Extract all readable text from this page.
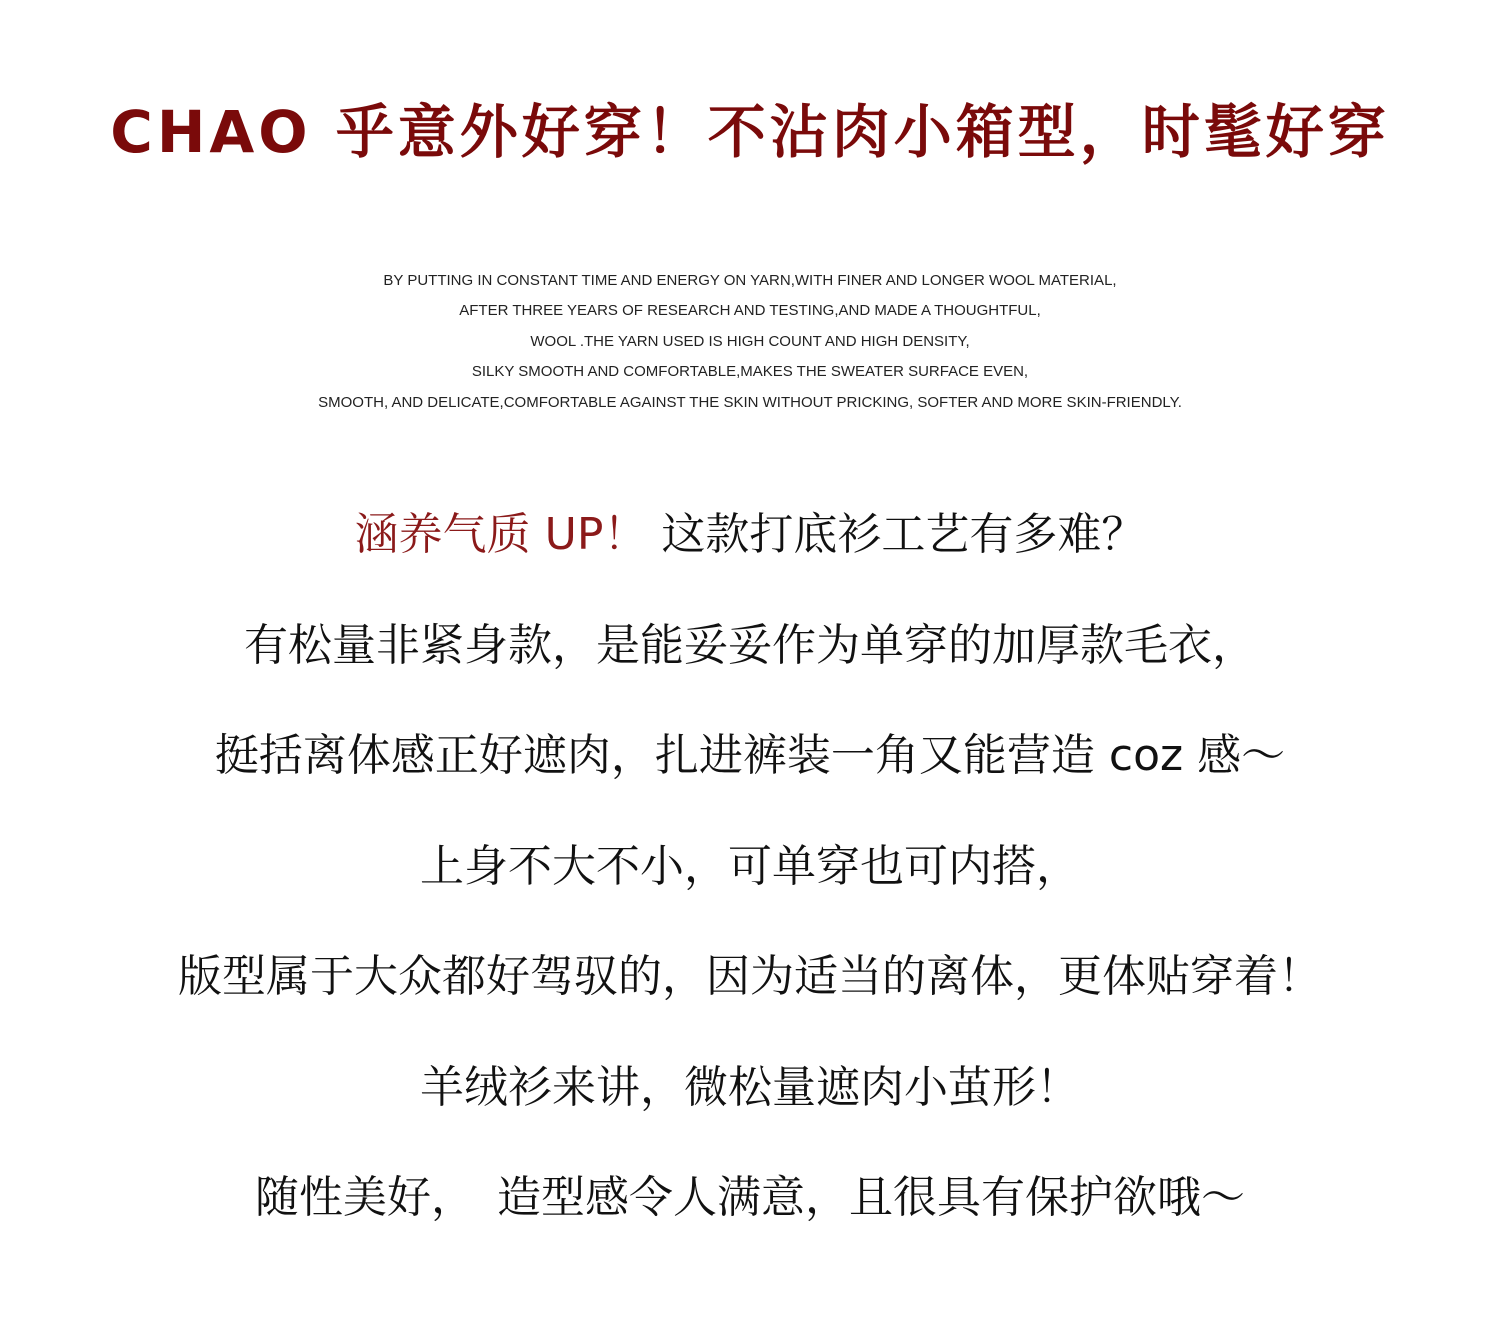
CHAO 乎意外好穿！不沾肉小箱型，时髦好穿
BY PUTTING IN CONSTANT TIME AND ENERGY ON YARN,WITH FINER AND LONGER WOOL MATERIAL,
AFTER THREE YEARS OF RESEARCH AND TESTING,AND MADE A THOUGHTFUL,
WOOL .THE YARN USED IS HIGH COUNT AND HIGH DENSITY,
SILKY SMOOTH AND COMFORTABLE,MAKES THE SWEATER SURFACE EVEN,
SMOOTH, AND DELICATE,COMFORTABLE AGAINST THE SKIN WITHOUT PRICKING, SOFTER AND MORE SKIN-FRIENDLY.
涵养气质 UP！ 这款打底衫工艺有多难？
有松量非紧身款，是能妥妥作为单穿的加厚款毛衣，
挺括离体感正好遮肉，扎进裤装一角又能营造 coz 感～
上身不大不小，可单穿也可内搭，
版型属于大众都好驾驭的，因为适当的离体，更体贴穿着！
羊绒衫来讲，微松量遮肉小茧形！
随性美好，　造型感令人满意，且很具有保护欲哦～
